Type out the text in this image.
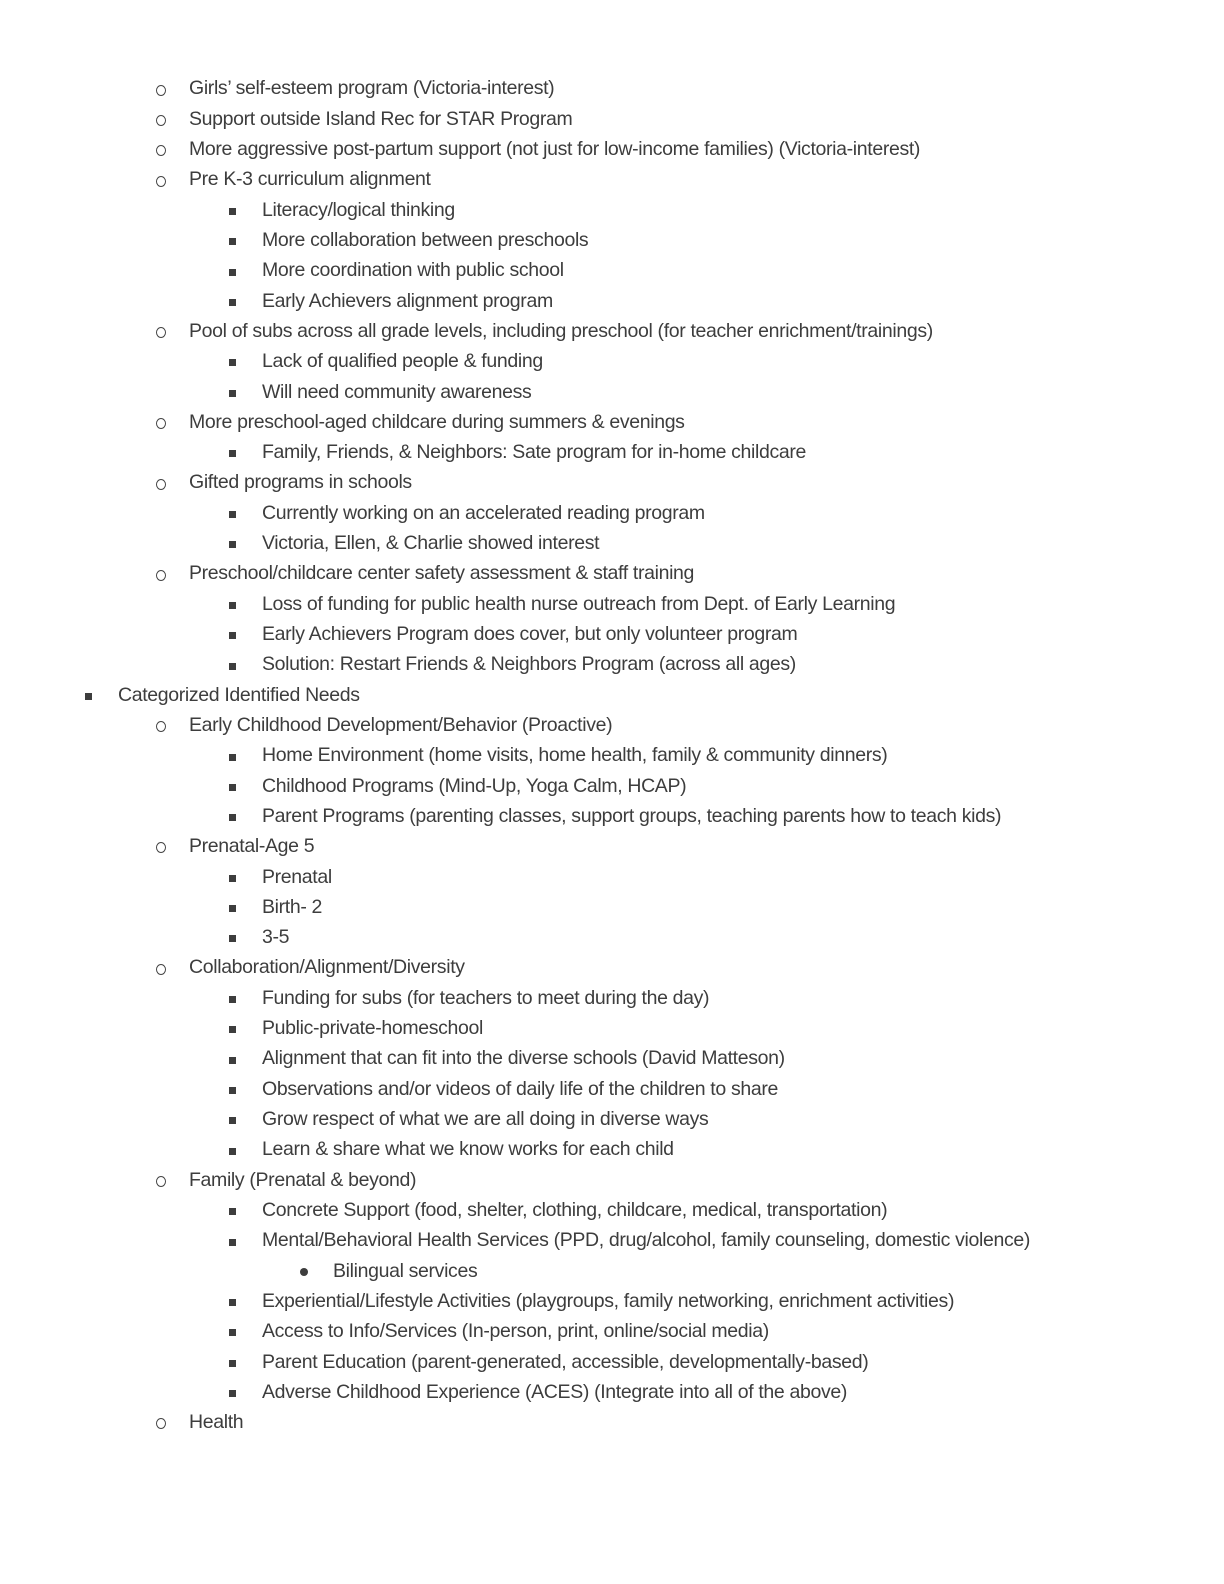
Girls’ self-esteem program (Victoria-interest)
Support outside Island Rec for STAR Program
More aggressive post-partum support (not just for low-income families) (Victoria-interest)
Pre K-3 curriculum alignment
Literacy/logical thinking
More collaboration between preschools
More coordination with public school
Early Achievers alignment program
Pool of subs across all grade levels, including preschool (for teacher enrichment/trainings)
Lack of qualified people & funding
Will need community awareness
More preschool-aged childcare during summers & evenings
Family, Friends, & Neighbors: Sate program for in-home childcare
Gifted programs in schools
Currently working on an accelerated reading program
Victoria, Ellen, & Charlie showed interest
Preschool/childcare center safety assessment & staff training
Loss of funding for public health nurse outreach from Dept. of Early Learning
Early Achievers Program does cover, but only volunteer program
Solution: Restart Friends & Neighbors Program (across all ages)
Categorized Identified Needs
Early Childhood Development/Behavior (Proactive)
Home Environment (home visits, home health, family & community dinners)
Childhood Programs (Mind-Up, Yoga Calm, HCAP)
Parent Programs (parenting classes, support groups, teaching parents how to teach kids)
Prenatal-Age 5
Prenatal
Birth- 2
3-5
Collaboration/Alignment/Diversity
Funding for subs (for teachers to meet during the day)
Public-private-homeschool
Alignment that can fit into the diverse schools (David Matteson)
Observations and/or videos of daily life of the children to share
Grow respect of what we are all doing in diverse ways
Learn & share what we know works for each child
Family (Prenatal & beyond)
Concrete Support (food, shelter, clothing, childcare, medical, transportation)
Mental/Behavioral Health Services (PPD, drug/alcohol, family counseling, domestic violence)
Bilingual services
Experiential/Lifestyle Activities (playgroups, family networking, enrichment activities)
Access to Info/Services (In-person, print, online/social media)
Parent Education (parent-generated, accessible, developmentally-based)
Adverse Childhood Experience (ACES) (Integrate into all of the above)
Health
